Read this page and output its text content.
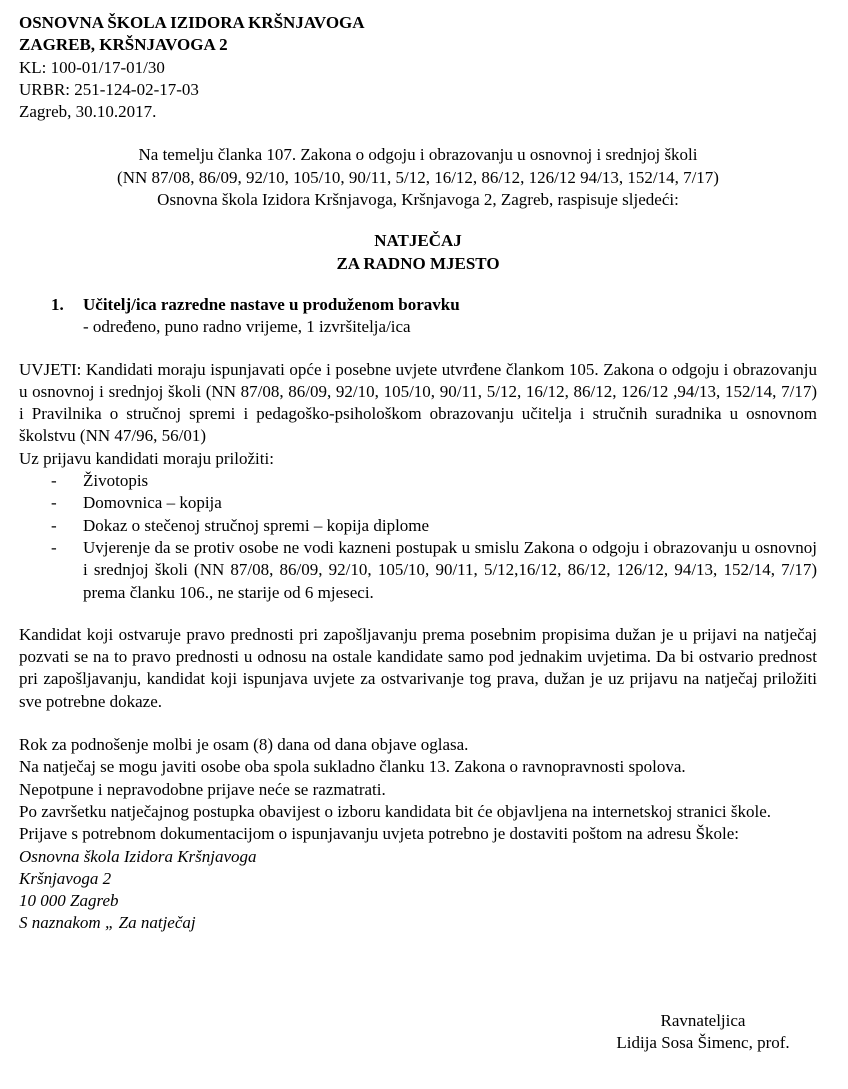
OSNOVNA ŠKOLA IZIDORA KRŠNJAVOGA
ZAGREB, KRŠNJAVOGA 2
KL: 100-01/17-01/30
URBR: 251-124-02-17-03
Zagreb, 30.10.2017.
Na temelju članka 107. Zakona o odgoju i obrazovanju u osnovnoj i srednjoj školi
(NN 87/08, 86/09, 92/10, 105/10, 90/11, 5/12, 16/12, 86/12, 126/12 94/13, 152/14, 7/17)
Osnovna škola Izidora Kršnjavoga, Kršnjavoga 2, Zagreb, raspisuje sljedeći:
NATJEČAJ
ZA RADNO MJESTO
1.	Učitelj/ica razredne nastave u produženom boravku
- određeno, puno radno vrijeme, 1 izvršitelja/ica
UVJETI: Kandidati moraju ispunjavati opće i posebne uvjete utvrđene člankom 105. Zakona o odgoju i obrazovanju u osnovnoj i srednjoj školi (NN 87/08, 86/09, 92/10, 105/10, 90/11, 5/12, 16/12, 86/12, 126/12 ,94/13, 152/14, 7/17) i Pravilnika o stručnoj spremi i pedagoško-psihološkom obrazovanju učitelja i stručnih suradnika u osnovnom školstvu (NN 47/96, 56/01)
Uz prijavu kandidati moraju priložiti:
-	Životopis
-	Domovnica – kopija
-	Dokaz o stečenoj stručnoj spremi – kopija diplome
-	Uvjerenje da se protiv osobe ne vodi kazneni postupak u smislu Zakona o odgoju i obrazovanju u osnovnoj i srednjoj školi (NN 87/08, 86/09, 92/10, 105/10, 90/11, 5/12,16/12, 86/12, 126/12, 94/13, 152/14, 7/17) prema članku 106., ne starije od 6 mjeseci.
Kandidat koji ostvaruje pravo prednosti pri zapošljavanju prema posebnim propisima dužan je u prijavi na natječaj pozvati se na to pravo prednosti u odnosu na ostale kandidate samo pod jednakim uvjetima. Da bi ostvario prednost pri zapošljavanju, kandidat koji ispunjava uvjete za ostvarivanje tog prava, dužan je uz prijavu na natječaj priložiti sve potrebne dokaze.
Rok za podnošenje molbi je osam (8) dana od dana objave oglasa.
Na natječaj se mogu javiti osobe oba spola sukladno članku 13. Zakona o ravnopravnosti spolova.
Nepotpune i nepravodobne prijave neće se razmatrati.
Po završetku natječajnog postupka obavijest o izboru kandidata bit će objavljena na internetskoj stranici škole.
Prijave s potrebnom dokumentacijom o ispunjavanju uvjeta potrebno je dostaviti poštom na adresu Škole:
Osnovna škola Izidora Kršnjavoga
Kršnjavoga 2
10 000 Zagreb
S naznakom „ Za natječaj
Ravnateljica
Lidija Sosa Šimenc, prof.
